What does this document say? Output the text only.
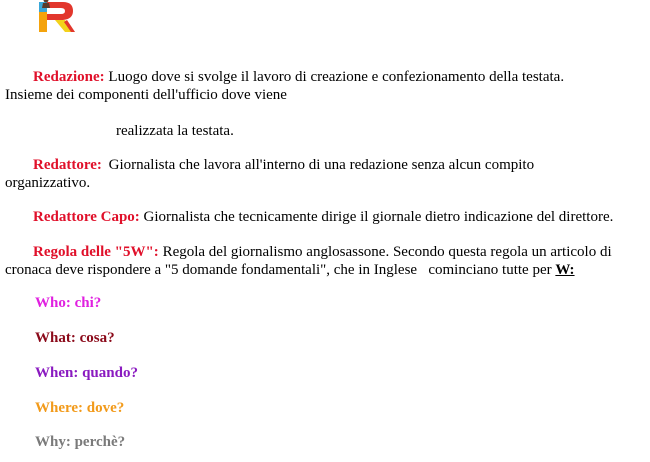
Redazione: Luogo dove si svolge il lavoro di creazione e confezionamento della testata.
Insieme dei componenti dell'ufficio dove viene

realizzata la testata.

Redattore: Giornalista che lavora all'interno di una redazione senza alcun compito
organizzativo.

Redattore Capo: Giornalista che tecnicamente dirige il giornale dietro indicazione del direttore.

Regola delle "5W": Regola del giornalismo anglosassone. Secondo questa regola un articolo di
cronaca deve rispondere a "5 domande fondamentali", che in Inglese   cominciano tutte per W:

Who: chi?

What: cosa?

When: quando?

Where: dove?

Why: perchè?
